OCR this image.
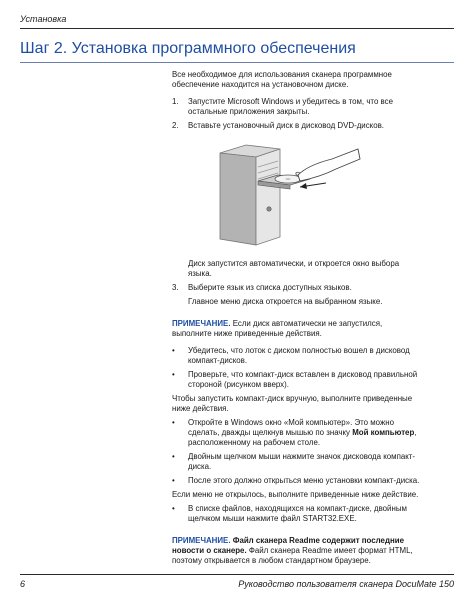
Установка
Шаг 2. Установка программного обеспечения

Все необходимое для использования сканера программное обеспечение находится на установочном диске.

1. Запустите Microsoft Windows и убедитесь в том, что все остальные приложения закрыты.
2. Вставьте установочный диск в дисковод DVD-дисков.

Диск запустится автоматически, и откроется окно выбора языка.

3. Выберите язык из списка доступных языков.

Главное меню диска откроется на выбранном языке.

ПРИМЕЧАНИЕ. Если диск автоматически не запустился, выполните ниже приведенные действия.

• Убедитесь, что лоток с диском полностью вошел в дисковод компакт-дисков.
• Проверьте, что компакт-диск вставлен в дисковод правильной стороной (рисунком вверх).

Чтобы запустить компакт-диск вручную, выполните приведенные ниже действия.

• Откройте в Windows окно «Мой компьютер». Это можно сделать, дважды щелкнув мышью по значку Мой компьютер, расположенному на рабочем столе.
• Двойным щелчком мыши нажмите значок дисковода компакт-диска.
• После этого должно открыться меню установки компакт-диска.

Если меню не открылось, выполните приведенные ниже действие.

• В списке файлов, находящихся на компакт-диске, двойным щелчком мыши нажмите файл START32.EXE.

ПРИМЕЧАНИЕ. Файл сканера Readme содержит последние новости о сканере. Файл сканера Readme имеет формат HTML, поэтому открывается в любом стандартном браузере.

6	Руководство пользователя сканера DocuMate 150
